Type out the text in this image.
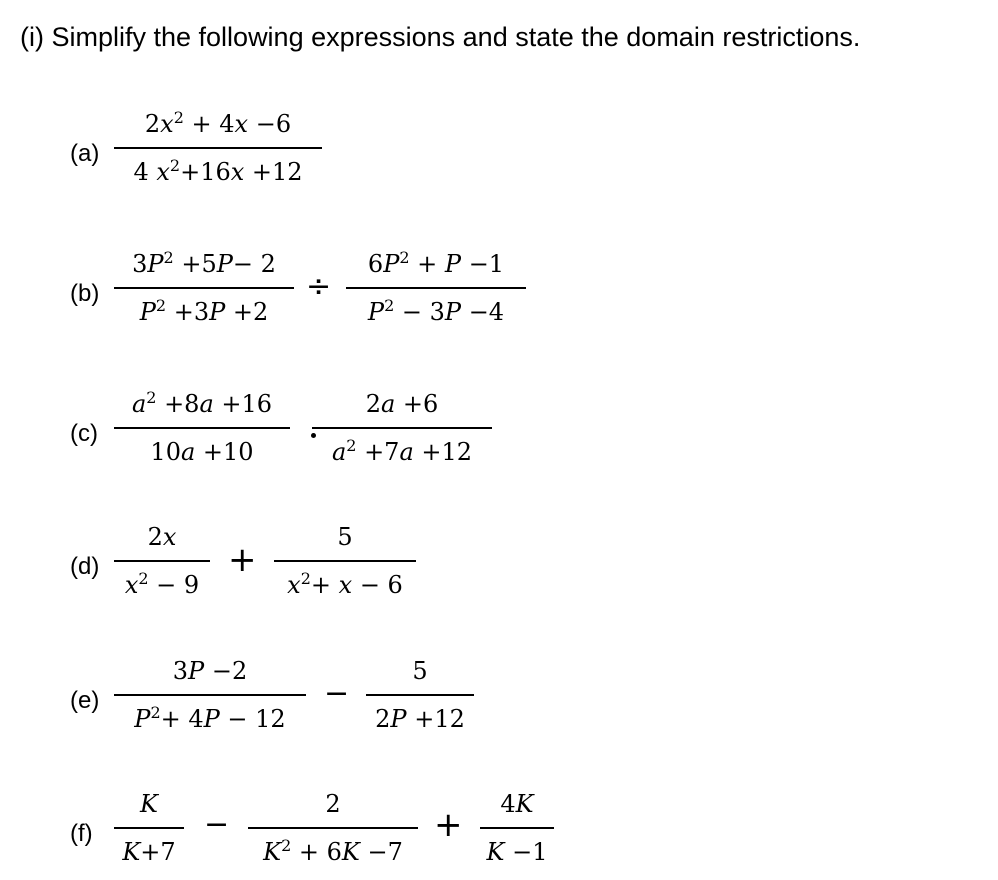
(i) Simplify the following expressions and state the domain restrictions.
(a)
$2x^2 + 4x -6$
4 $x^2+16x +12$
(b)
$3P^2 +5P- 2$
$P^2 +3P +2$
÷
$6P^2 + P -1$
$P^2 - 3P -4$
(c)
$a^2 +8a +16$
10a +10
2a +6
$a^2 +7a +12$
(d)
2x
$x^2 - 9$
+
5
$x^2+ x - 6$
(e)
3P −2
$P^2+ 4P - 12$
−
5
2P +12
(f)
K
K+7
−
2
$K^2 + 6K -7$
+
4K
K −1
